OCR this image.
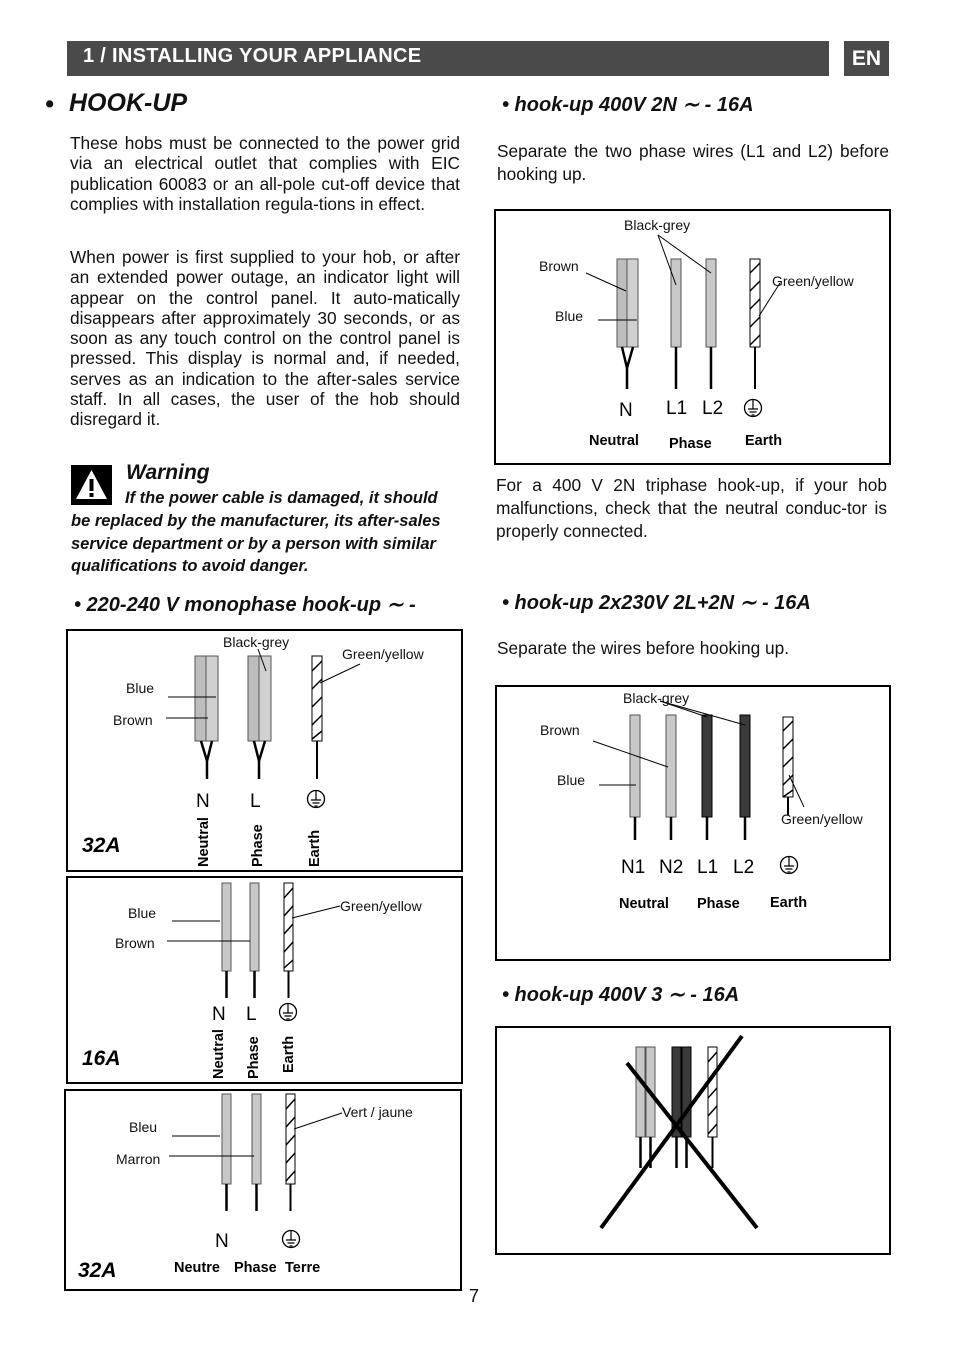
1 / INSTALLING YOUR APPLIANCE	EN
• HOOK-UP
These hobs must be connected to the power grid via an electrical outlet that complies with EIC publication 60083 or an all-pole cut-off device that complies with installation regula-tions in effect.
When power is first supplied to your hob, or after an extended power outage, an indicator light will appear on the control panel. It auto-matically disappears after approximately 30 seconds, or as soon as any touch control on the control panel is pressed. This display is normal and, if needed, serves as an indication to the after-sales service staff. In all cases, the user of the hob should disregard it.
Warning
If the power cable is damaged, it should
be replaced by the manufacturer, its after-sales service department or by a person with similar qualifications to avoid danger.
• 220-240 V monophase hook-up ∼ -
Black-grey
Green/yellow
Blue
Brown
N L
Neutral	Phase	Earth
32A
Blue
Brown
Green/yellow
N L
Neutral Phase Earth
16A
Bleu
Marron
Vert / jaune
N
Neutre Phase Terre
32A
• hook-up 400V 2N ∼ - 16A
Separate the two phase wires (L1 and L2) before hooking up.
Black-grey
Brown
Blue
Green/yellow
N L1 L2
Neutral Phase Earth
For a 400 V 2N triphase hook-up, if your hob malfunctions, check that the neutral conduc-tor is properly connected.
• hook-up 2x230V 2L+2N ∼ - 16A
Separate the wires before hooking up.
Black-grey
Brown
Blue
Green/yellow
N1 N2 L1 L2
Neutral Phase Earth
• hook-up 400V 3 ∼ - 16A
7
